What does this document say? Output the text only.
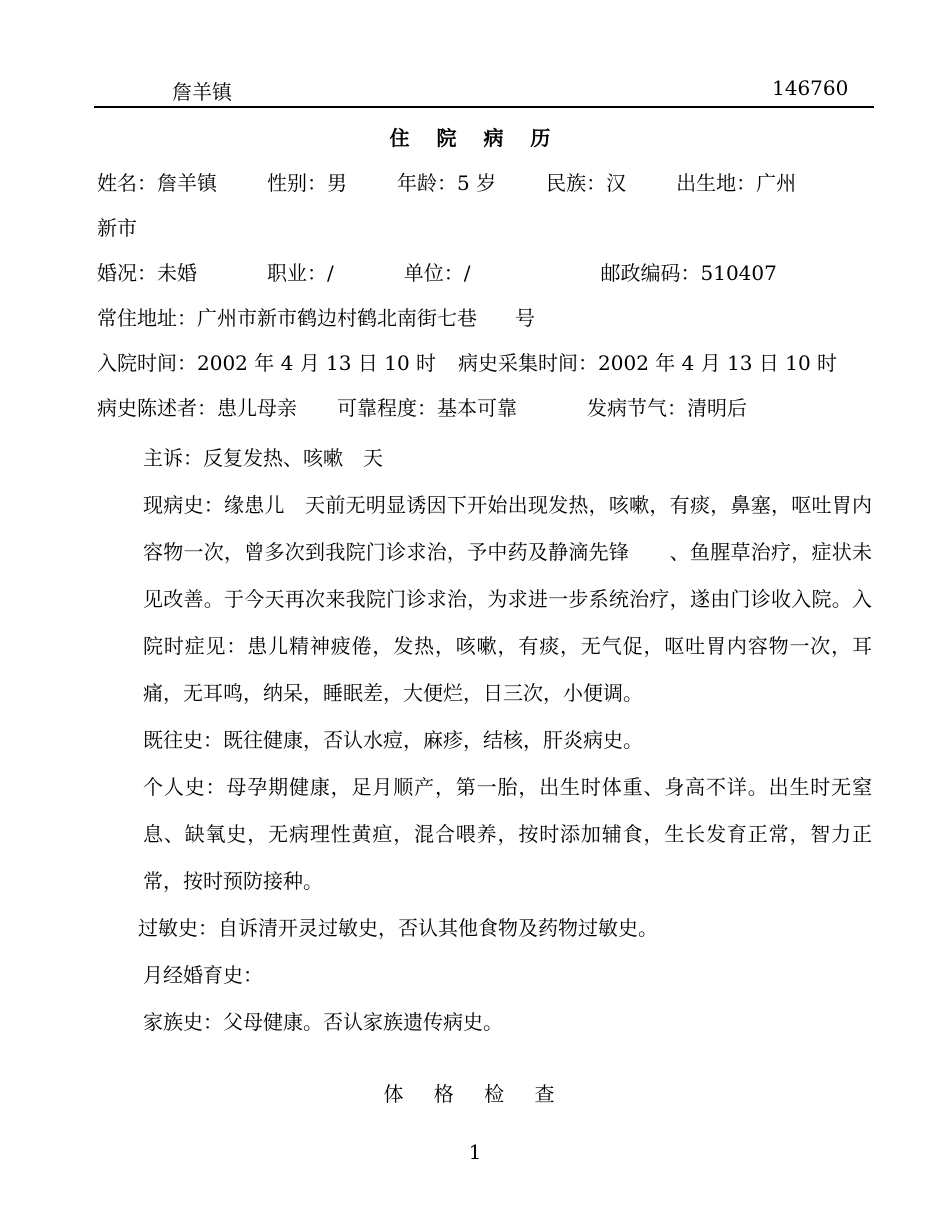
詹羊镇	146760
住 院 病 历
姓名：詹羊镇	性别：男	年龄：5 岁	民族：汉	出生地：广州
新市
婚况：未婚	职业：/	单位：/	邮政编码：510407
常住地址：广州市新市鹤边村鹤北南街七巷 号
入院时间：2002 年 4 月 13 日 10 时 病史采集时间：2002 年 4 月 13 日 10 时
病史陈述者：患儿母亲 可靠程度：基本可靠	发病节气：清明后

主诉：反复发热、咳嗽　天

现病史：缘患儿　天前无明显诱因下开始出现发热，咳嗽，有痰，鼻塞，呕吐胃内容物一次，曾多次到我院门诊求治，予中药及静滴先锋　　、鱼腥草治疗，症状未见改善。于今天再次来我院门诊求治，为求进一步系统治疗，遂由门诊收入院。入院时症见：患儿精神疲倦，发热，咳嗽，有痰，无气促，呕吐胃内容物一次，耳痛，无耳鸣，纳呆，睡眠差，大便烂，日三次，小便调。

既往史：既往健康，否认水痘，麻疹，结核，肝炎病史。

个人史：母孕期健康，足月顺产，第一胎，出生时体重、身高不详。出生时无窒息、缺氧史，无病理性黄疸，混合喂养，按时添加辅食，生长发育正常，智力正常，按时预防接种。

过敏史：自诉清开灵过敏史，否认其他食物及药物过敏史。

月经婚育史：

家族史：父母健康。否认家族遗传病史。

体 格 检 查
1
